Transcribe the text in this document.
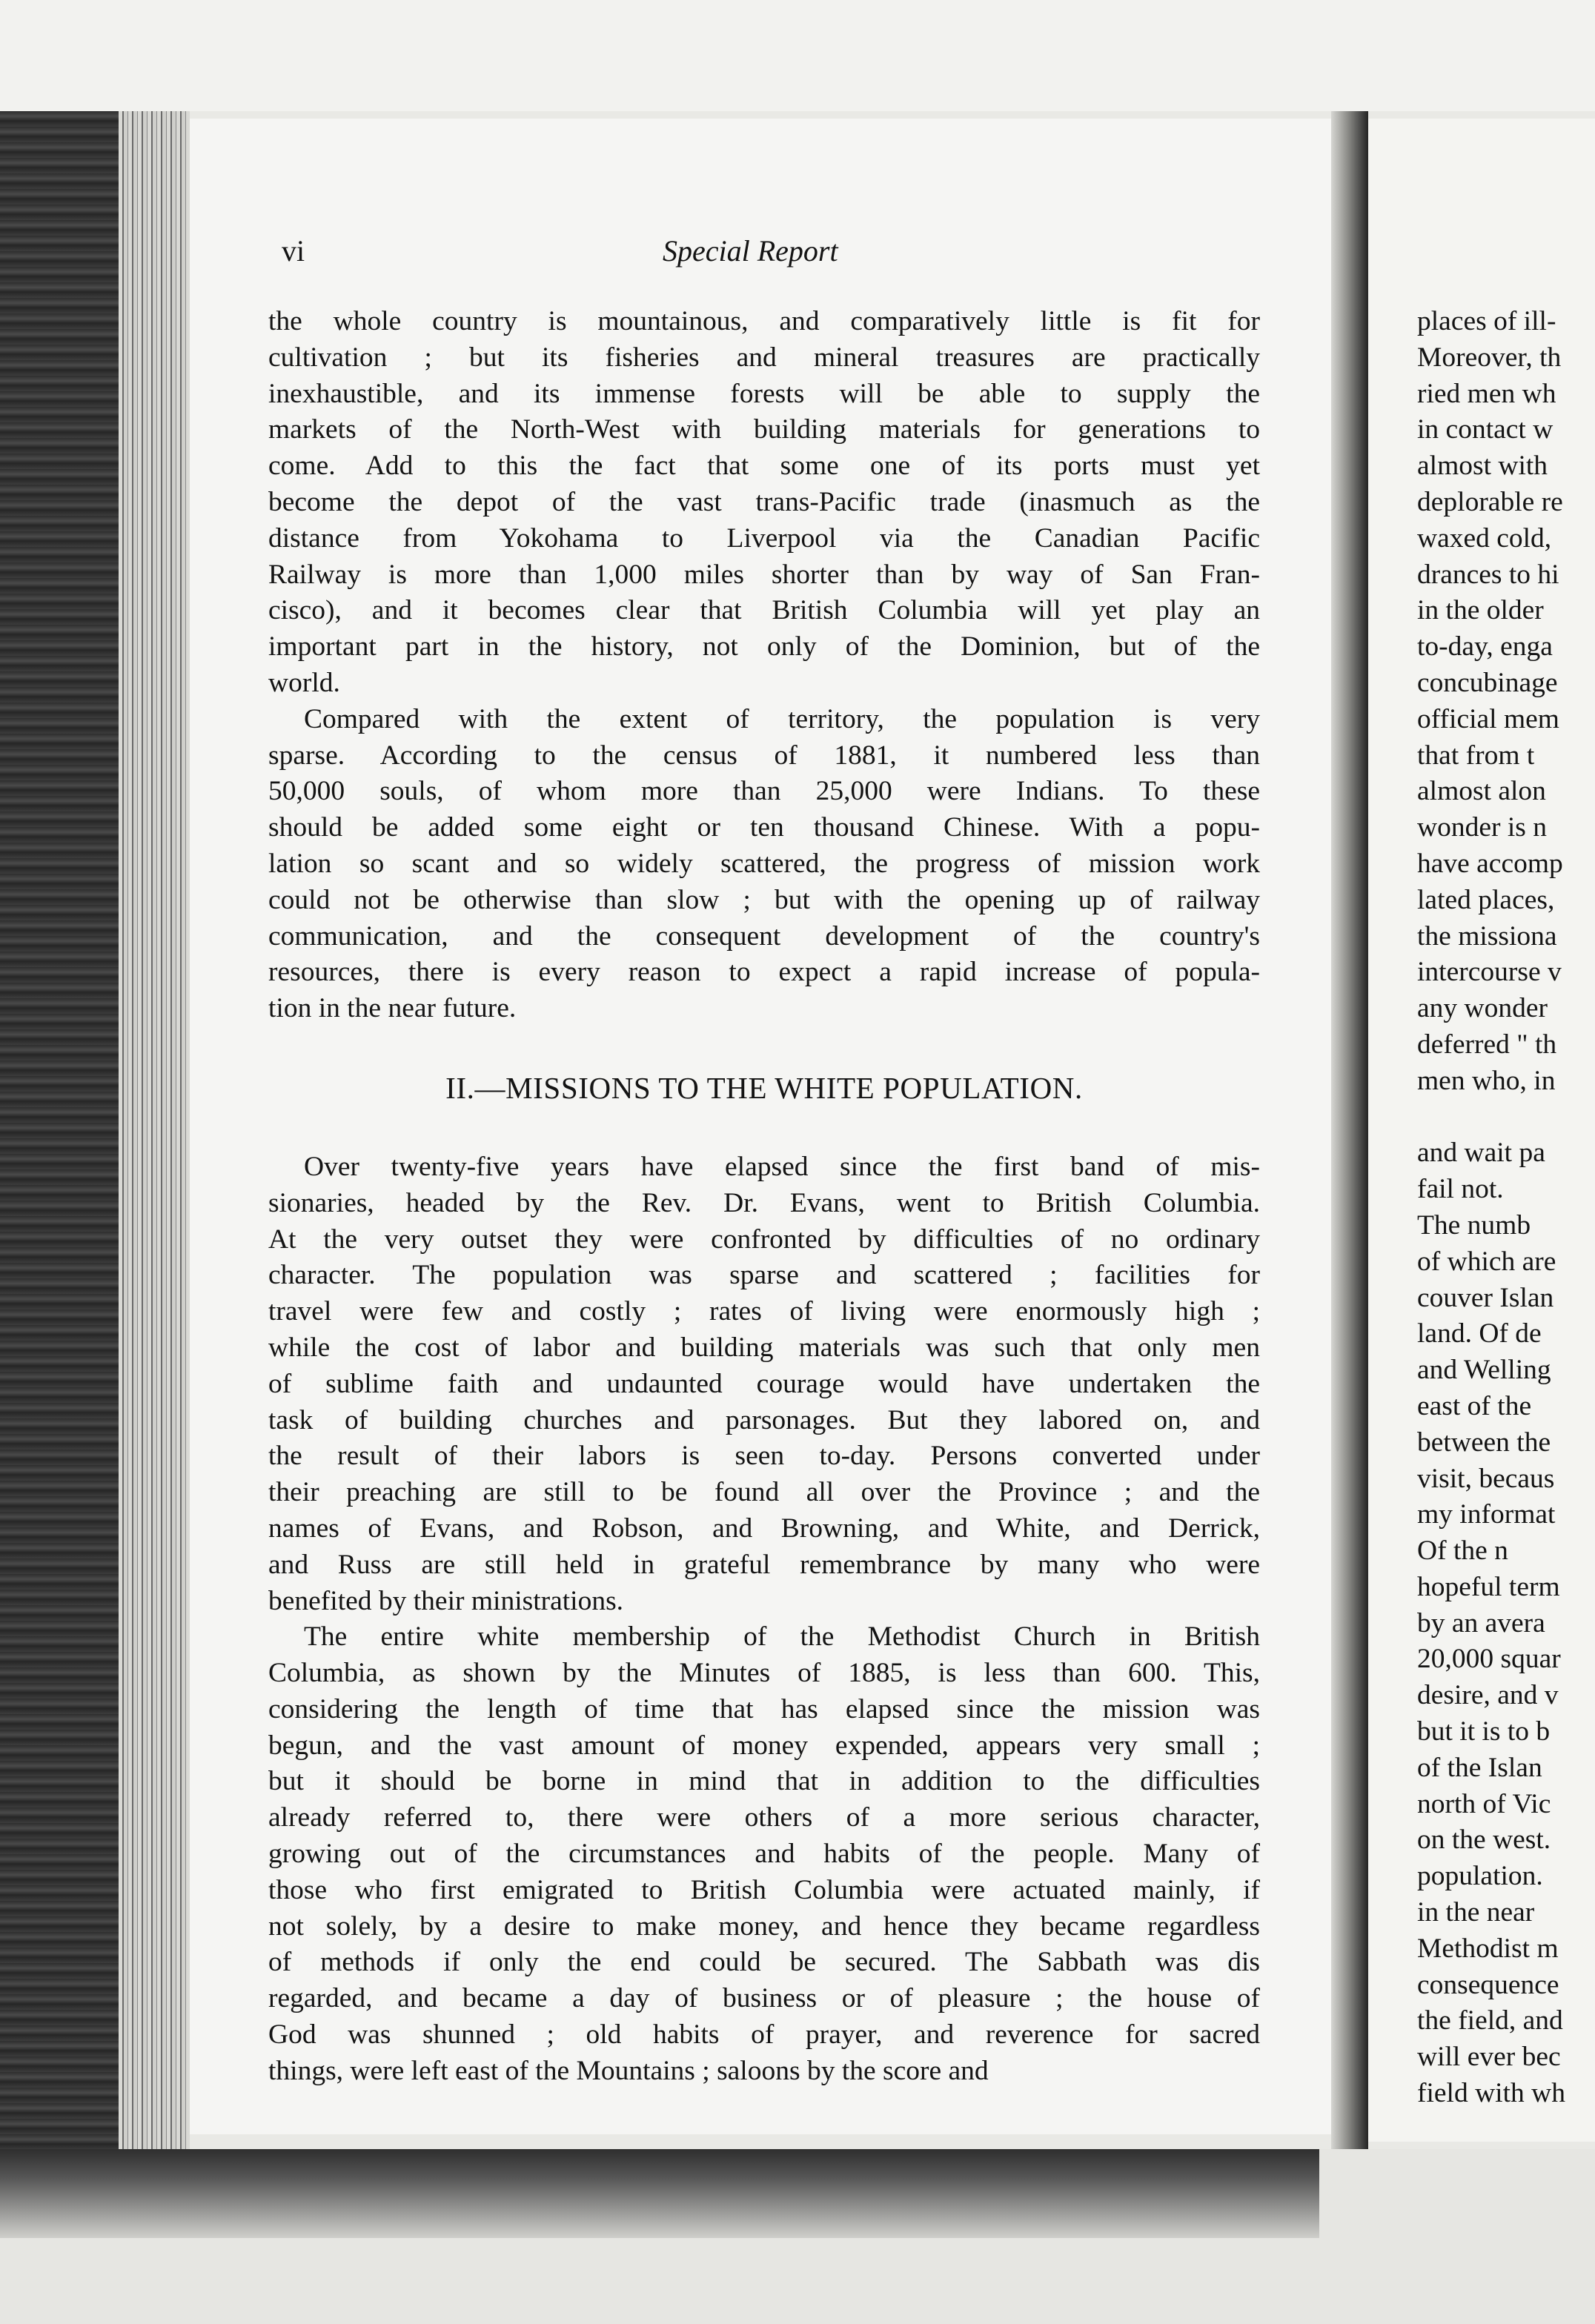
vi	Special Report
the whole country is mountainous, and comparatively little is fit for
cultivation ; but its fisheries and mineral treasures are practically
inexhaustible, and its immense forests will be able to supply the
markets of the North-West with building materials for generations to
come. Add to this the fact that some one of its ports must yet
become the depot of the vast trans-Pacific trade (inasmuch as the
distance from Yokohama to Liverpool via the Canadian Pacific
Railway is more than 1,000 miles shorter than by way of San Fran-
cisco), and it becomes clear that British Columbia will yet play an
important part in the history, not only of the Dominion, but of the
world.
Compared with the extent of territory, the population is very
sparse. According to the census of 1881, it numbered less than
50,000 souls, of whom more than 25,000 were Indians. To these
should be added some eight or ten thousand Chinese. With a popu-
lation so scant and so widely scattered, the progress of mission work
could not be otherwise than slow ; but with the opening up of railway
communication, and the consequent development of the country's
resources, there is every reason to expect a rapid increase of popula-
tion in the near future.
II.—MISSIONS TO THE WHITE POPULATION.
Over twenty-five years have elapsed since the first band of mis-
sionaries, headed by the Rev. Dr. Evans, went to British Columbia.
At the very outset they were confronted by difficulties of no ordinary
character. The population was sparse and scattered ; facilities for
travel were few and costly ; rates of living were enormously high ;
while the cost of labor and building materials was such that only men
of sublime faith and undaunted courage would have undertaken the
task of building churches and parsonages. But they labored on, and
the result of their labors is seen to-day. Persons converted under
their preaching are still to be found all over the Province ; and the
names of Evans, and Robson, and Browning, and White, and Derrick,
and Russ are still held in grateful remembrance by many who were
benefited by their ministrations.
The entire white membership of the Methodist Church in British
Columbia, as shown by the Minutes of 1885, is less than 600. This,
considering the length of time that has elapsed since the mission was
begun, and the vast amount of money expended, appears very small ;
but it should be borne in mind that in addition to the difficulties
already referred to, there were others of a more serious character,
growing out of the circumstances and habits of the people. Many of
those who first emigrated to British Columbia were actuated mainly, if
not solely, by a desire to make money, and hence they became regardless
of methods if only the end could be secured. The Sabbath was dis
regarded, and became a day of business or of pleasure ; the house of
God was shunned ; old habits of prayer, and reverence for sacred
things, were left east of the Mountains ; saloons by the score and
places of ill-
Moreover, th
ried men wh
in contact w
almost with
deplorable re
waxed cold,
drances to hi
in the older
to-day, enga
concubinage
official mem
that from t
almost alon
wonder is n
have accomp
lated places,
the missiona
intercourse v
any wonder
deferred " th
men who, in
and wait pa
fail not.
The numb
of which are
couver Islan
land. Of de
and Welling
east of the
between the
visit, becaus
my informat
Of the n
hopeful term
by an avera
20,000 squar
desire, and v
but it is to b
of the Islan
north of Vic
on the west.
population.
in the near
Methodist m
consequence
the field, and
will ever bec
field with wh
